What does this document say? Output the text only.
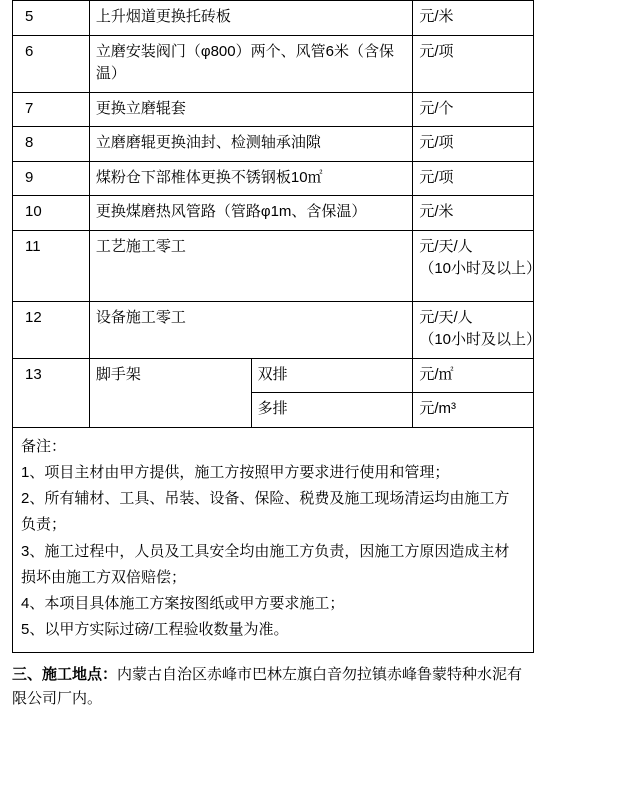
5	上升烟道更换托砖板		元/米
6	立磨安装阀门（φ800）两个、风管6米（含保温）		元/项
7	更换立磨辊套		元/个
8	立磨磨辊更换油封、检测轴承油隙		元/项
9	煤粉仓下部椎体更换不锈钢板10㎡		元/项
10	更换煤磨热风管路（管路φ1m、含保温）		元/米
11	工艺施工零工		元/天/人
（10小时及以上）

12	设备施工零工		元/天/人
（10小时及以上）

13	脚手架	双排	元/㎡
		多排	元/m³

备注：

1、项目主材由甲方提供，施工方按照甲方要求进行使用和管理；

2、所有辅材、工具、吊装、设备、保险、税费及施工现场清运均由施工方负责；

3、施工过程中，人员及工具安全均由施工方负责，因施工方原因造成主材损坏由施工方双倍赔偿；

4、本项目具体施工方案按图纸或甲方要求施工；

5、以甲方实际过磅/工程验收数量为准。

三、施工地点：内蒙古自治区赤峰市巴林左旗白音勿拉镇赤峰鲁蒙特种水泥有限公司厂内。
